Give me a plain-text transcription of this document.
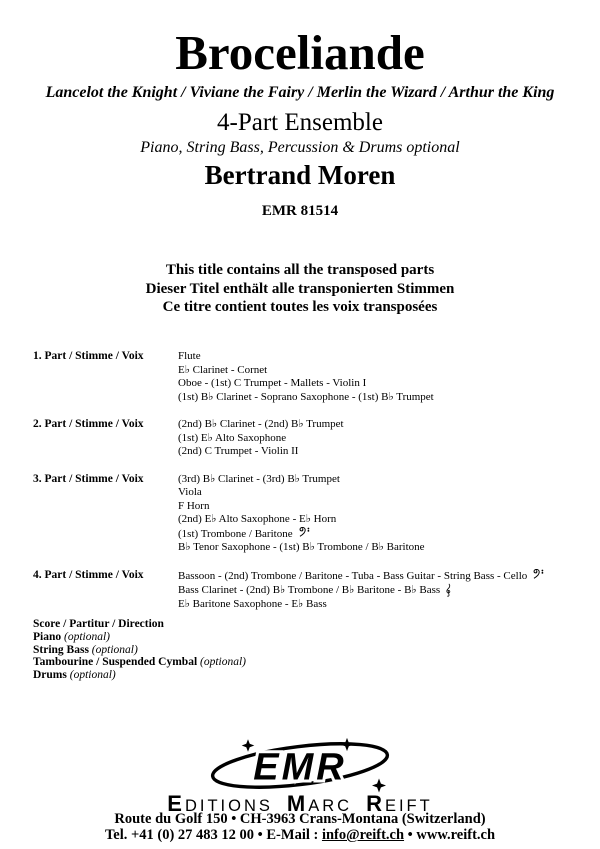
Broceliande
Lancelot the Knight / Viviane the Fairy / Merlin the Wizard / Arthur the King
4-Part Ensemble
Piano, String Bass, Percussion & Drums optional
Bertrand Moren
EMR 81514
This title contains all the transposed parts
Dieser Titel enthält alle transponierten Stimmen
Ce titre contient toutes les voix transposées
1. Part / Stimme / Voix	Flute
E♭ Clarinet - Cornet
Oboe - (1st) C Trumpet - Mallets - Violin I
(1st) B♭ Clarinet - Soprano Saxophone - (1st) B♭ Trumpet
2. Part / Stimme / Voix	(2nd) B♭ Clarinet - (2nd) B♭ Trumpet
(1st) E♭ Alto Saxophone
(2nd) C Trumpet - Violin II
3. Part / Stimme / Voix	(3rd) B♭ Clarinet - (3rd) B♭ Trumpet
Viola
F Horn
(2nd) E♭ Alto Saxophone - E♭ Horn
(1st) Trombone / Baritone
B♭ Tenor Saxophone - (1st) B♭ Trombone / B♭ Baritone
4. Part / Stimme / Voix	Bassoon - (2nd) Trombone / Baritone - Tuba - Bass Guitar - String Bass - Cello
Bass Clarinet - (2nd) B♭ Trombone / B♭ Baritone - B♭ Bass
E♭ Baritone Saxophone - E♭ Bass
Score / Partitur / Direction
Piano (optional)
String Bass (optional)
Tambourine / Suspended Cymbal (optional)
Drums (optional)
EMR
EDITIONS MARC REIFT
Route du Golf 150 • CH-3963 Crans-Montana (Switzerland)
Tel. +41 (0) 27 483 12 00 • E-Mail : info@reift.ch • www.reift.ch
